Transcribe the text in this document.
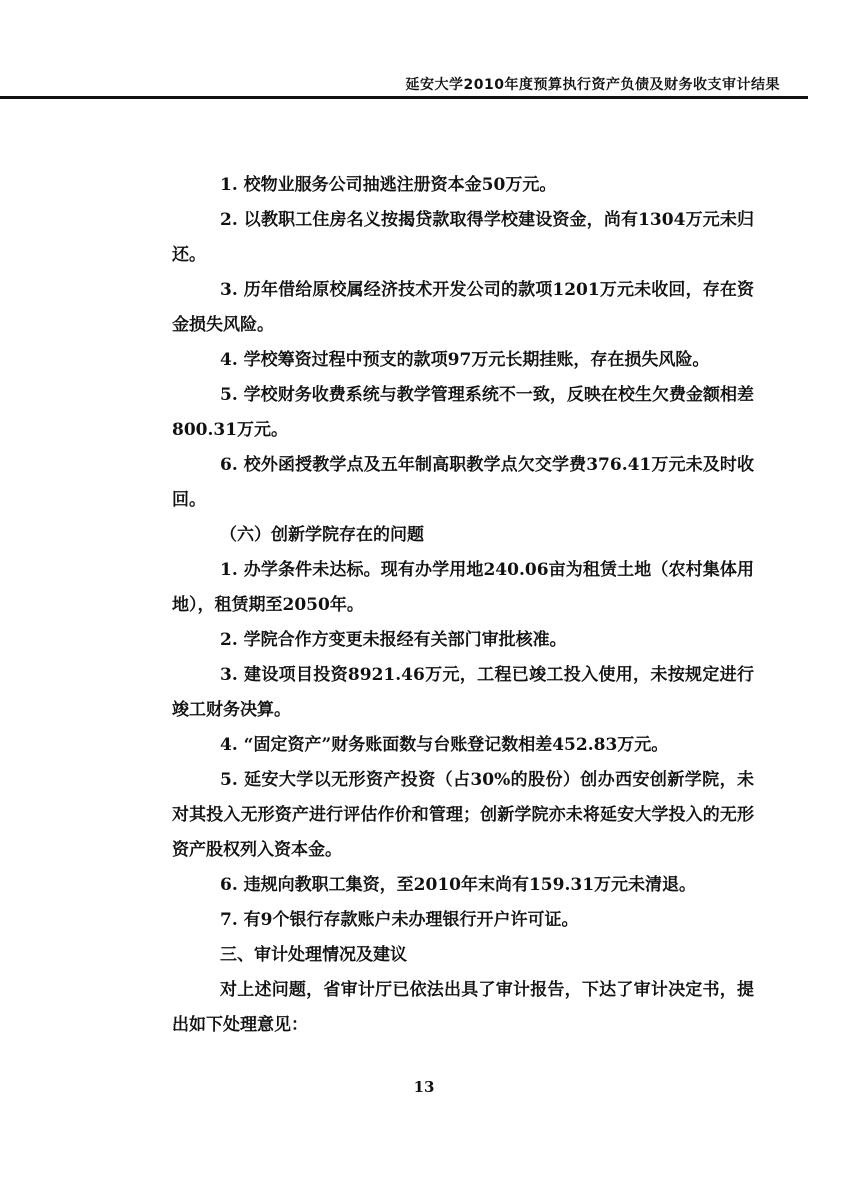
延安大学2010年度预算执行资产负债及财务收支审计结果

1. 校物业服务公司抽逃注册资本金50万元。

2. 以教职工住房名义按揭贷款取得学校建设资金，尚有1304万元未归还。

3. 历年借给原校属经济技术开发公司的款项1201万元未收回，存在资金损失风险。

4. 学校筹资过程中预支的款项97万元长期挂账，存在损失风险。

5. 学校财务收费系统与教学管理系统不一致，反映在校生欠费金额相差800.31万元。

6. 校外函授教学点及五年制高职教学点欠交学费376.41万元未及时收回。

（六）创新学院存在的问题

1. 办学条件未达标。现有办学用地240.06亩为租赁土地（农村集体用地），租赁期至2050年。

2. 学院合作方变更未报经有关部门审批核准。

3. 建设项目投资8921.46万元，工程已竣工投入使用，未按规定进行竣工财务决算。

4. “固定资产”财务账面数与台账登记数相差452.83万元。

5. 延安大学以无形资产投资（占30%的股份）创办西安创新学院，未对其投入无形资产进行评估作价和管理；创新学院亦未将延安大学投入的无形资产股权列入资本金。

6. 违规向教职工集资，至2010年末尚有159.31万元未清退。

7. 有9个银行存款账户未办理银行开户许可证。

三、审计处理情况及建议

对上述问题，省审计厅已依法出具了审计报告，下达了审计决定书，提出如下处理意见：

13
